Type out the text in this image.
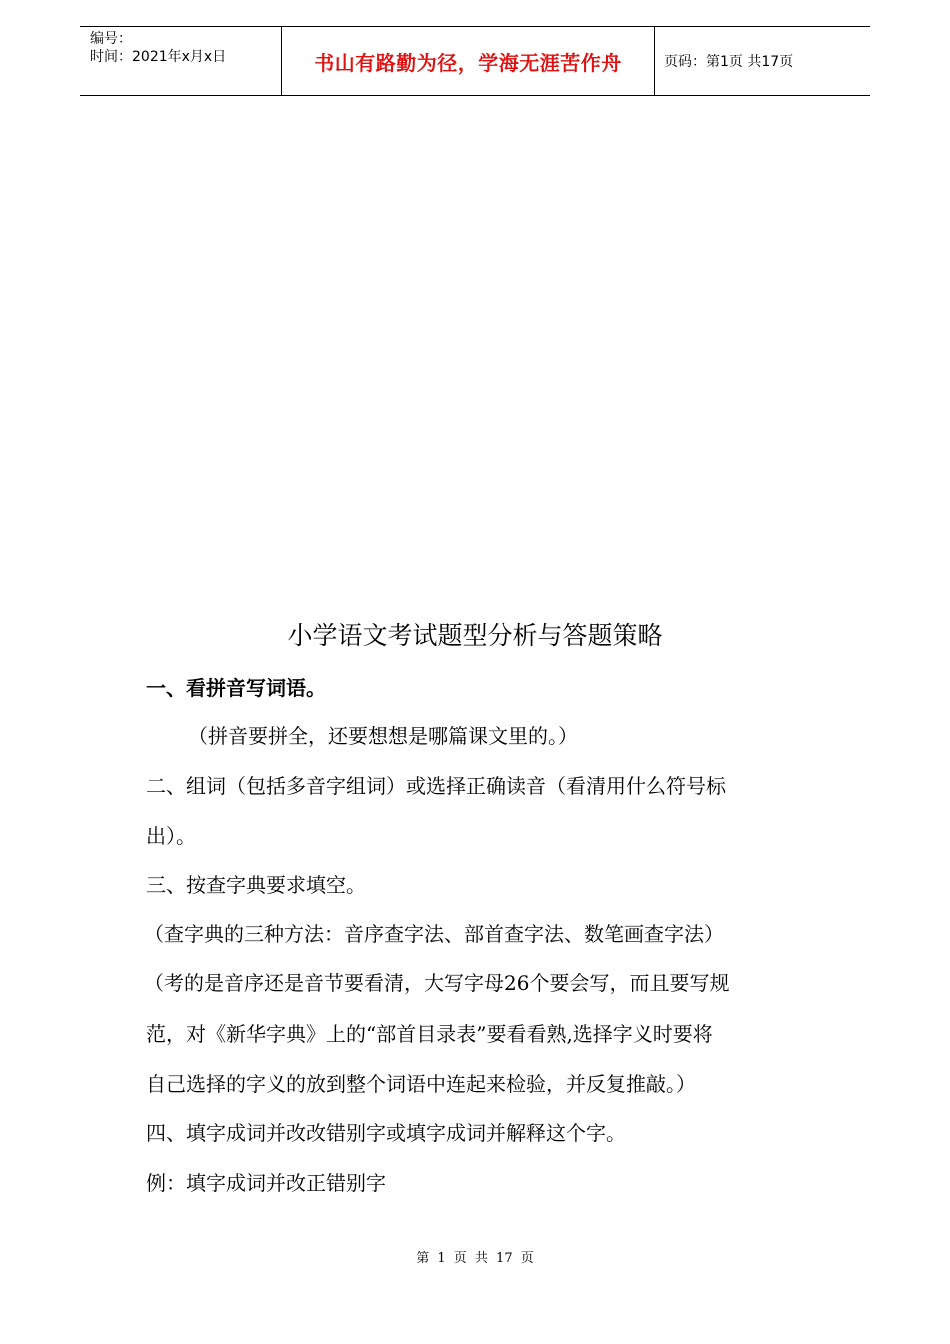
编号：
时间：2021年x月x日	书山有路勤为径，学海无涯苦作舟	页码：第1页 共17页
小学语文考试题型分析与答题策略
一、看拼音写词语。
（拼音要拼全，还要想想是哪篇课文里的。）
二、组词（包括多音字组词）或选择正确读音（看清用什么符号标
出）。
三、按查字典要求填空。
（查字典的三种方法：音序查字法、部首查字法、数笔画查字法）
（考的是音序还是音节要看清，大写字母26个要会写，而且要写规
范，对《新华字典》上的“部首目录表”要看看熟,选择字义时要将
自己选择的字义的放到整个词语中连起来检验，并反复推敲。）
四、填字成词并改改错别字或填字成词并解释这个字。
例：填字成词并改正错别字
第 1 页 共 17 页
